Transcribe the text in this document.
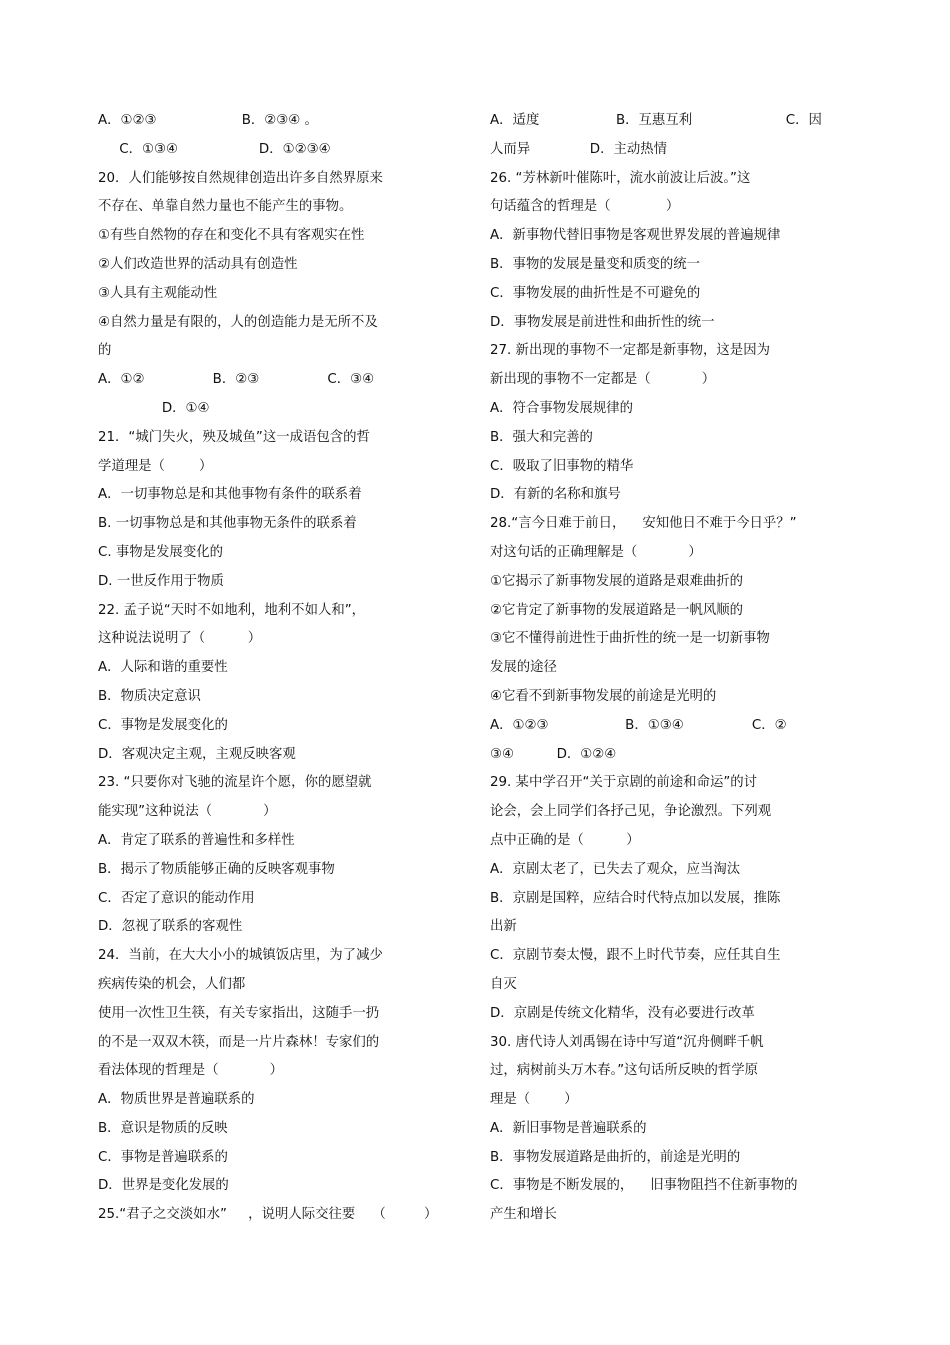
A．①②③                    B．②③④ 。
C．①③④                   D．①②③④
20．人们能够按自然规律创造出许多自然界原来
不存在、单靠自然力量也不能产生的事物。
①有些自然物的存在和变化不具有客观实在性
②人们改造世界的活动具有创造性
③人具有主观能动性
④自然力量是有限的，人的创造能力是无所不及
的
A．①②                B．②③                C．③④
D．①④
21．“城门失火，殃及城鱼”这一成语包含的哲
学道理是（        ）
A．一切事物总是和其他事物有条件的联系着
B. 一切事物总是和其他事物无条件的联系着
C. 事物是发展变化的
D. 一世反作用于物质
22. 孟子说“天时不如地利，地利不如人和”，
这种说法说明了（          ）
A．人际和谐的重要性
B．物质决定意识
C．事物是发展变化的
D．客观决定主观，主观反映客观
23. “只要你对飞驰的流星许个愿，你的愿望就
能实现”这种说法（            ）
A．肯定了联系的普遍性和多样性
B．揭示了物质能够正确的反映客观事物
C．否定了意识的能动作用
D．忽视了联系的客观性
24．当前，在大大小小的城镇饭店里，为了减少
疾病传染的机会，人们都
使用一次性卫生筷，有关专家指出，这随手一扔
的不是一双双木筷，而是一片片森林！专家们的
看法体现的哲理是（            ）
A．物质世界是普遍联系的
B．意识是物质的反映
C．事物是普遍联系的
D．世界是变化发展的
25.“君子之交淡如水”     ，说明人际交往要    （         ）
A．适度                  B．互惠互利                      C．因
人而异              D．主动热情
26. “芳林新叶催陈叶，流水前波让后波。”这
句话蕴含的哲理是（             ）
A．新事物代替旧事物是客观世界发展的普遍规律
B．事物的发展是量变和质变的统一
C．事物发展的曲折性是不可避免的
D．事物发展是前进性和曲折性的统一
27. 新出现的事物不一定都是新事物，这是因为
新出现的事物不一定都是（            ）
A．符合事物发展规律的
B．强大和完善的
C．吸取了旧事物的精华
D．有新的名称和旗号
28.“言今日难于前日，    安知他日不难于今日乎？”
对这句话的正确理解是（            ）
①它揭示了新事物发展的道路是艰难曲折的
②它肯定了新事物的发展道路是一帆风顺的
③它不懂得前进性于曲折性的统一是一切新事物
发展的途径
④它看不到新事物发展的前途是光明的
A．①②③                  B．①③④                C．②
③④          D．①②④
29. 某中学召开“关于京剧的前途和命运”的讨
论会，会上同学们各抒己见，争论激烈。下列观
点中正确的是（          ）
A．京剧太老了，已失去了观众，应当淘汰
B．京剧是国粹，应结合时代特点加以发展，推陈
出新
C．京剧节奏太慢，跟不上时代节奏，应任其自生
自灭
D．京剧是传统文化精华，没有必要进行改革
30. 唐代诗人刘禹锡在诗中写道“沉舟侧畔千帆
过，病树前头万木春。”这句话所反映的哲学原
理是（        ）
A．新旧事物是普遍联系的
B．事物发展道路是曲折的，前途是光明的
C．事物是不断发展的，    旧事物阻挡不住新事物的
产生和增长
